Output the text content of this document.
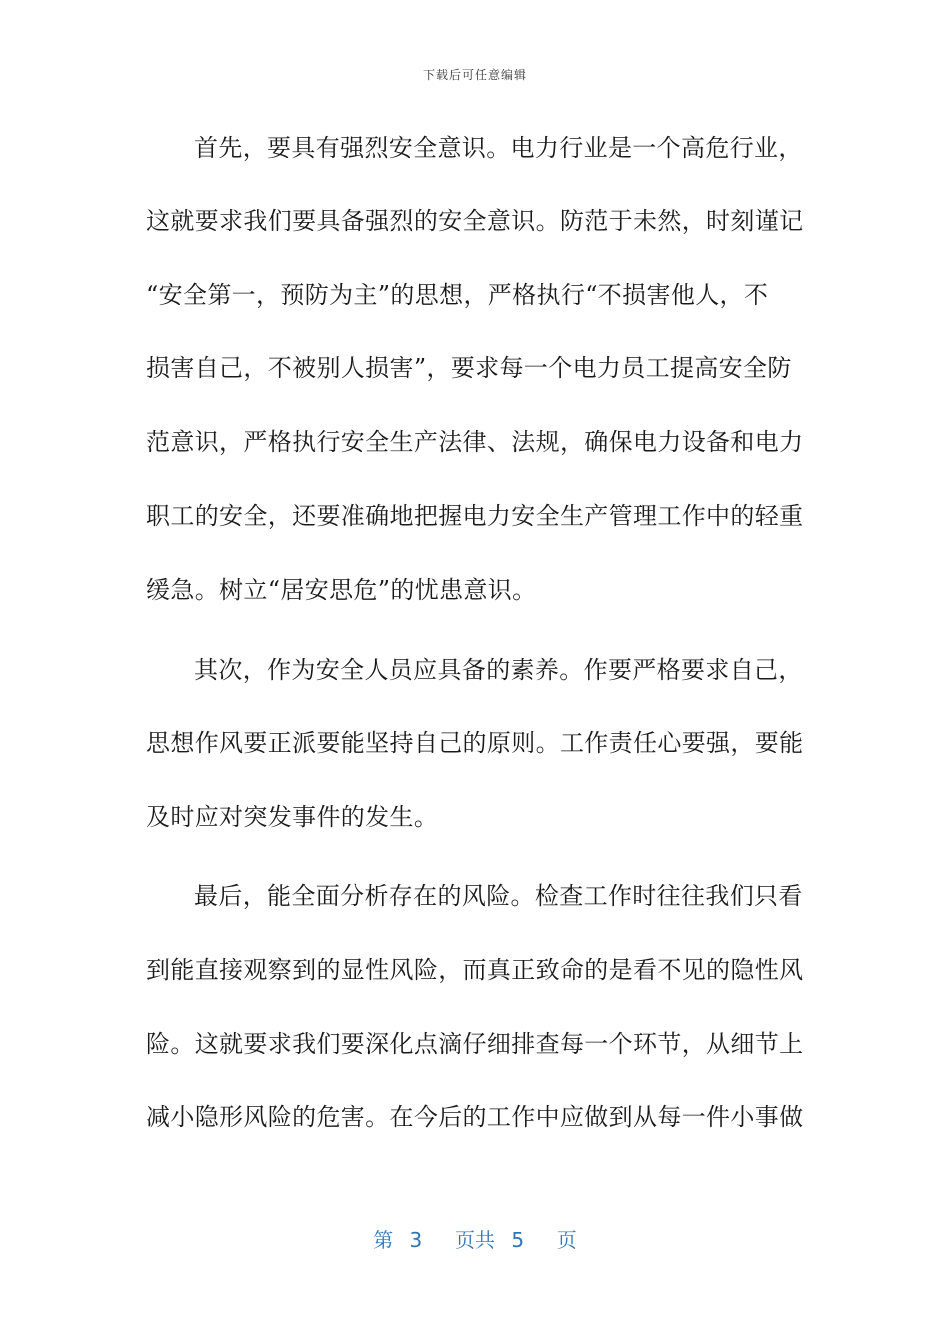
下载后可任意编辑
首先，要具有强烈安全意识。电力行业是一个高危行业，
这就要求我们要具备强烈的安全意识。防范于未然，时刻谨记
“安全第一，预防为主”的思想，严格执行“不损害他人，不
损害自己，不被别人损害”，要求每一个电力员工提高安全防
范意识，严格执行安全生产法律、法规，确保电力设备和电力
职工的安全，还要准确地把握电力安全生产管理工作中的轻重
缓急。树立“居安思危”的忧患意识。
其次，作为安全人员应具备的素养。作要严格要求自己，
思想作风要正派要能坚持自己的原则。工作责任心要强，要能
及时应对突发事件的发生。
最后，能全面分析存在的风险。检查工作时往往我们只看
到能直接观察到的显性风险，而真正致命的是看不见的隐性风
险。这就要求我们要深化点滴仔细排查每一个环节，从细节上
减小隐形风险的危害。在今后的工作中应做到从每一件小事做
第 3  页共 5  页
